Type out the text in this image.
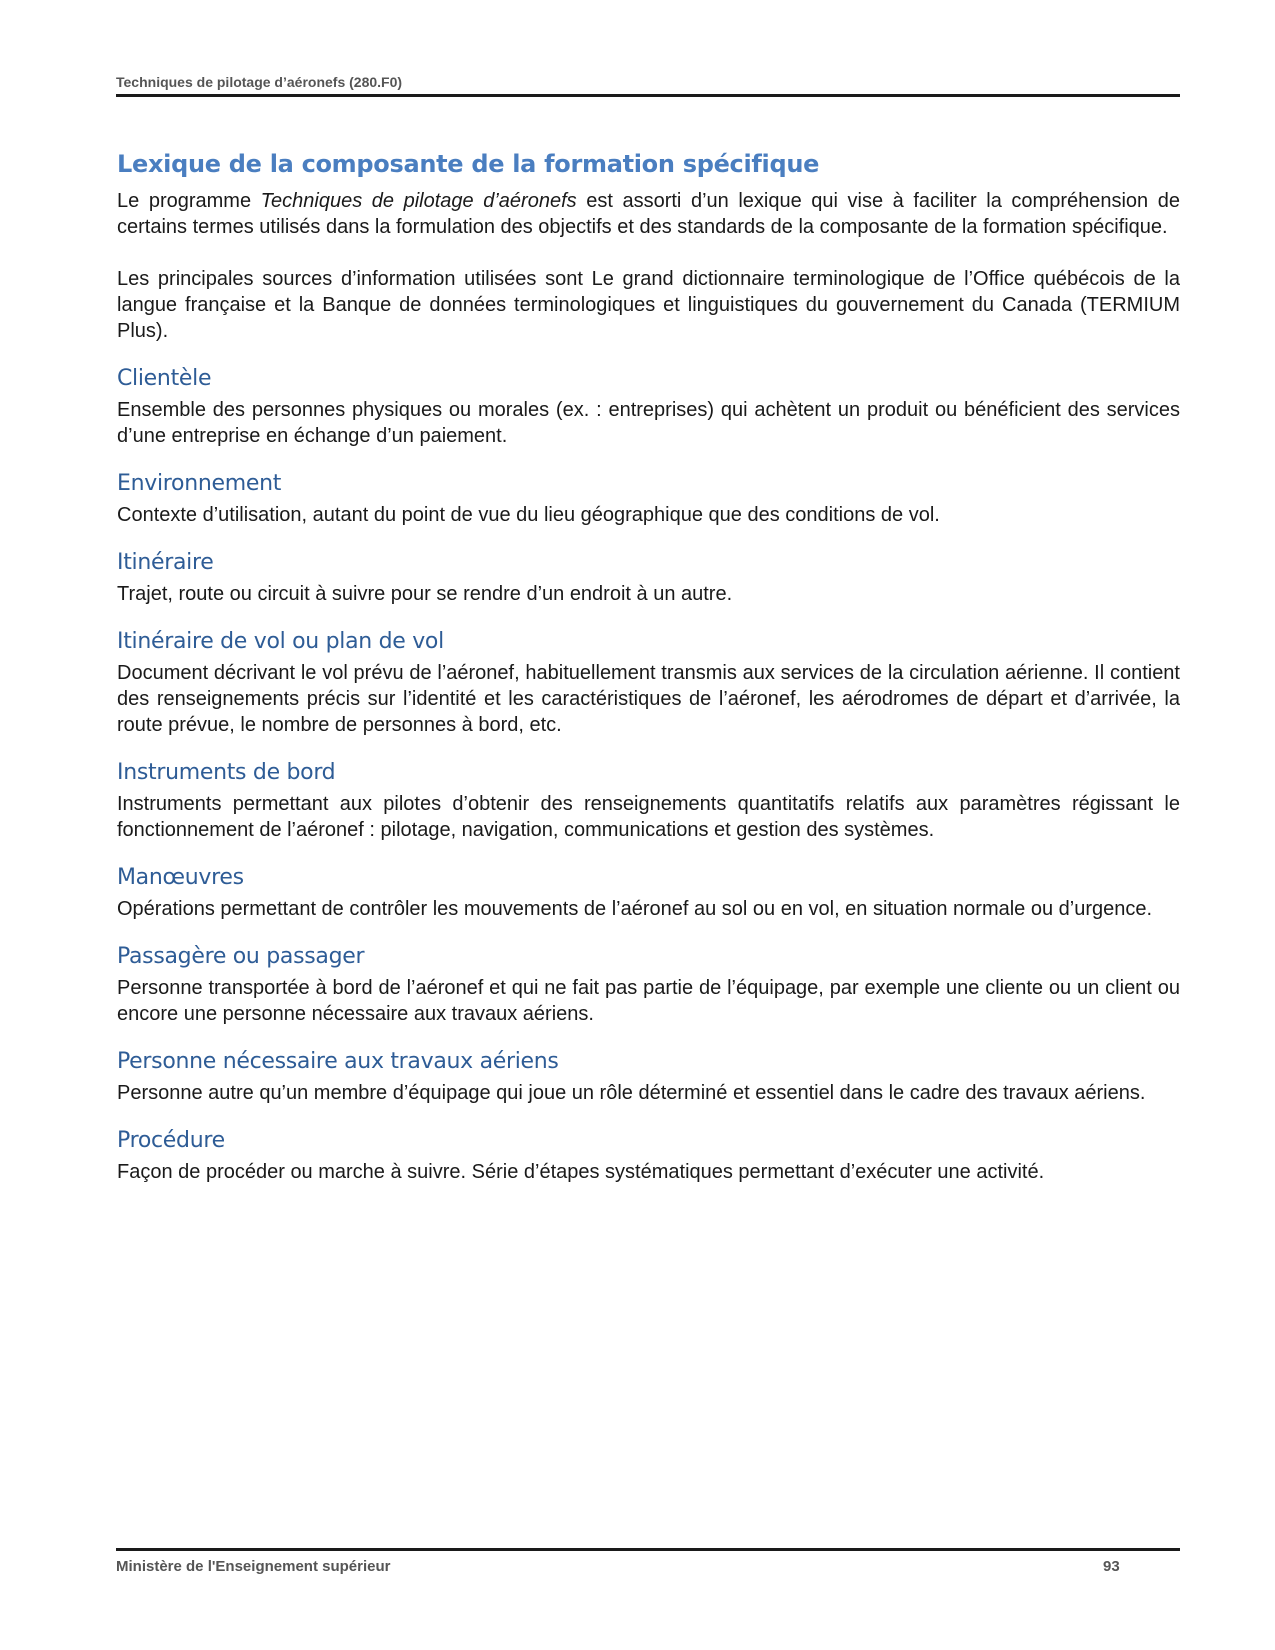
Techniques de pilotage d’aéronefs (280.F0)
Lexique de la composante de la formation spécifique

Le programme Techniques de pilotage d’aéronefs est assorti d’un lexique qui vise à faciliter la compréhension de certains termes utilisés dans la formulation des objectifs et des standards de la composante de la formation spécifique.

Les principales sources d’information utilisées sont Le grand dictionnaire terminologique de l’Office québécois de la langue française et la Banque de données terminologiques et linguistiques du gouvernement du Canada (TERMIUM Plus).

Clientèle

Ensemble des personnes physiques ou morales (ex. : entreprises) qui achètent un produit ou bénéficient des services d’une entreprise en échange d’un paiement.

Environnement

Contexte d’utilisation, autant du point de vue du lieu géographique que des conditions de vol.

Itinéraire

Trajet, route ou circuit à suivre pour se rendre d’un endroit à un autre.

Itinéraire de vol ou plan de vol

Document décrivant le vol prévu de l’aéronef, habituellement transmis aux services de la circulation aérienne. Il contient des renseignements précis sur l’identité et les caractéristiques de l’aéronef, les aérodromes de départ et d’arrivée, la route prévue, le nombre de personnes à bord, etc.

Instruments de bord

Instruments permettant aux pilotes d’obtenir des renseignements quantitatifs relatifs aux paramètres régissant le fonctionnement de l’aéronef : pilotage, navigation, communications et gestion des systèmes.

Manœuvres

Opérations permettant de contrôler les mouvements de l’aéronef au sol ou en vol, en situation normale ou d’urgence.

Passagère ou passager

Personne transportée à bord de l’aéronef et qui ne fait pas partie de l’équipage, par exemple une cliente ou un client ou encore une personne nécessaire aux travaux aériens.

Personne nécessaire aux travaux aériens

Personne autre qu’un membre d’équipage qui joue un rôle déterminé et essentiel dans le cadre des travaux aériens.

Procédure

Façon de procéder ou marche à suivre. Série d’étapes systématiques permettant d’exécuter une activité.

Ministère de l'Enseignement supérieur	93
